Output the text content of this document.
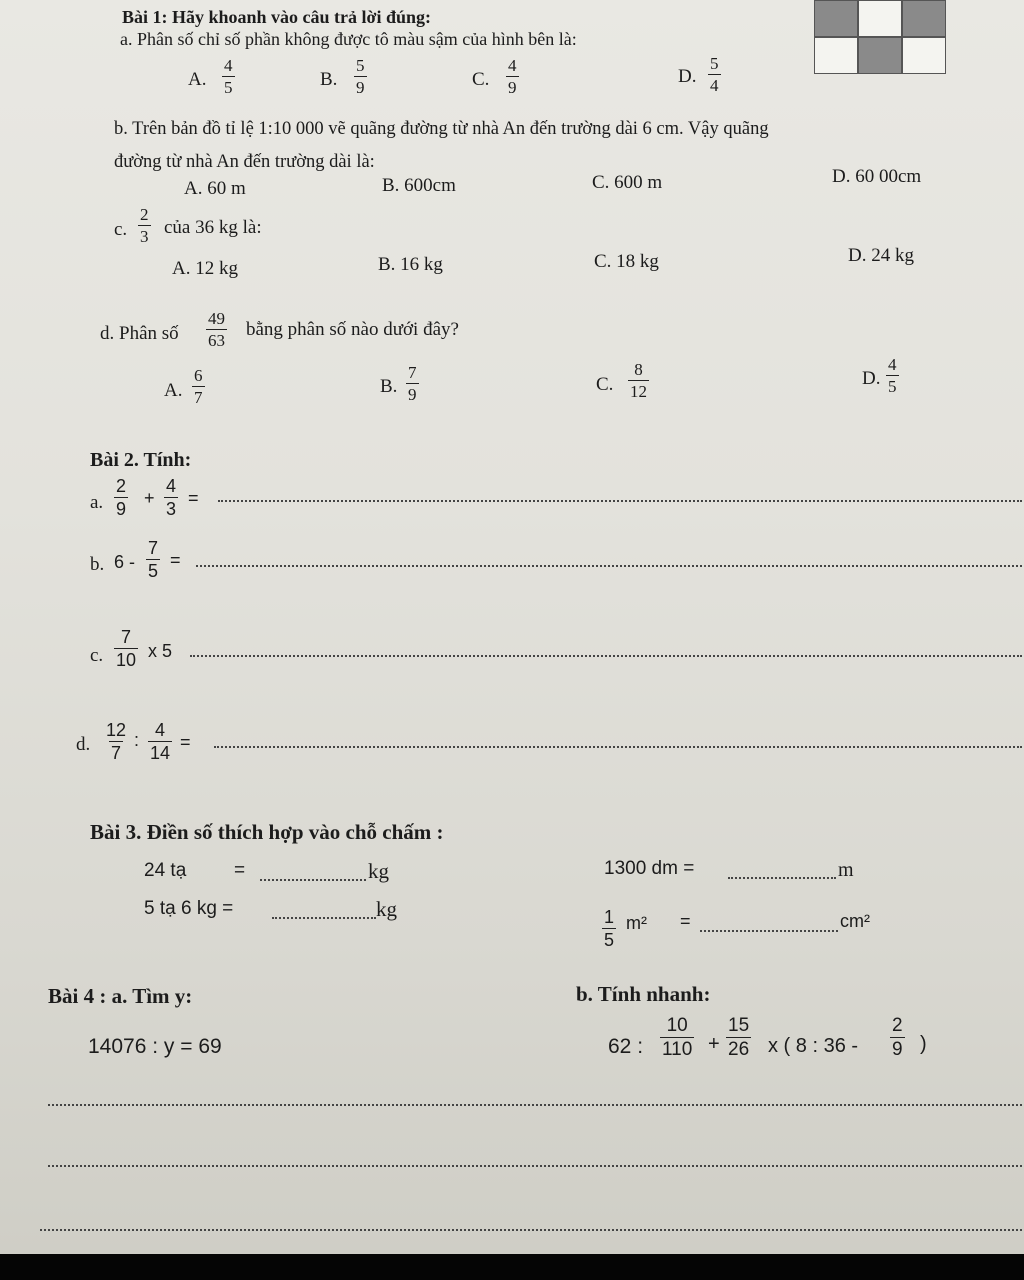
Bài 1: Hãy khoanh vào câu trả lời đúng:
a. Phân số chỉ số phần không được tô màu sậm của hình bên là:
A. $\frac{4}{5}$	B. $\frac{5}{9}$	C. $\frac{4}{9}$	D. $\frac{5}{4}$
b. Trên bản đồ tỉ lệ 1:10 000 vẽ quãng đường từ nhà An đến trường dài 6 cm. Vậy quãng
đường từ nhà An đến trường dài là:
A. 60 m	B. 600cm	C. 600 m	D. 60 00cm
c. $\frac{2}{3}$ của 36 kg là:
A. 12 kg	B. 16 kg	C. 18 kg	D. 24 kg
d. Phân số $\frac{49}{63}$ bằng phân số nào dưới đây?
A. $\frac{6}{7}$	B. $\frac{7}{9}$	C. $\frac{8}{12}$	D. $\frac{4}{5}$
Bài 2. Tính:
a. $\frac{2}{9} + \frac{4}{3}$ =
b. $6 - \frac{7}{5}$ =
c. $\frac{7}{10}$ x 5
d. $\frac{12}{7}$ : $\frac{4}{14}$ =
Bài 3. Điền số thích hợp vào chỗ chấm :
24 tạ	=	kg	1300 dm =	m
5 tạ 6 kg =	kg	$\frac{1}{5} m^2$ =	cm²
Bài 4 : a. Tìm y:	b. Tính nhanh:
14076 : y = 69	62 : $\frac{10}{110} + \frac{15}{26}$ x ( 8 : $36 - \frac{2}{9}$ )
